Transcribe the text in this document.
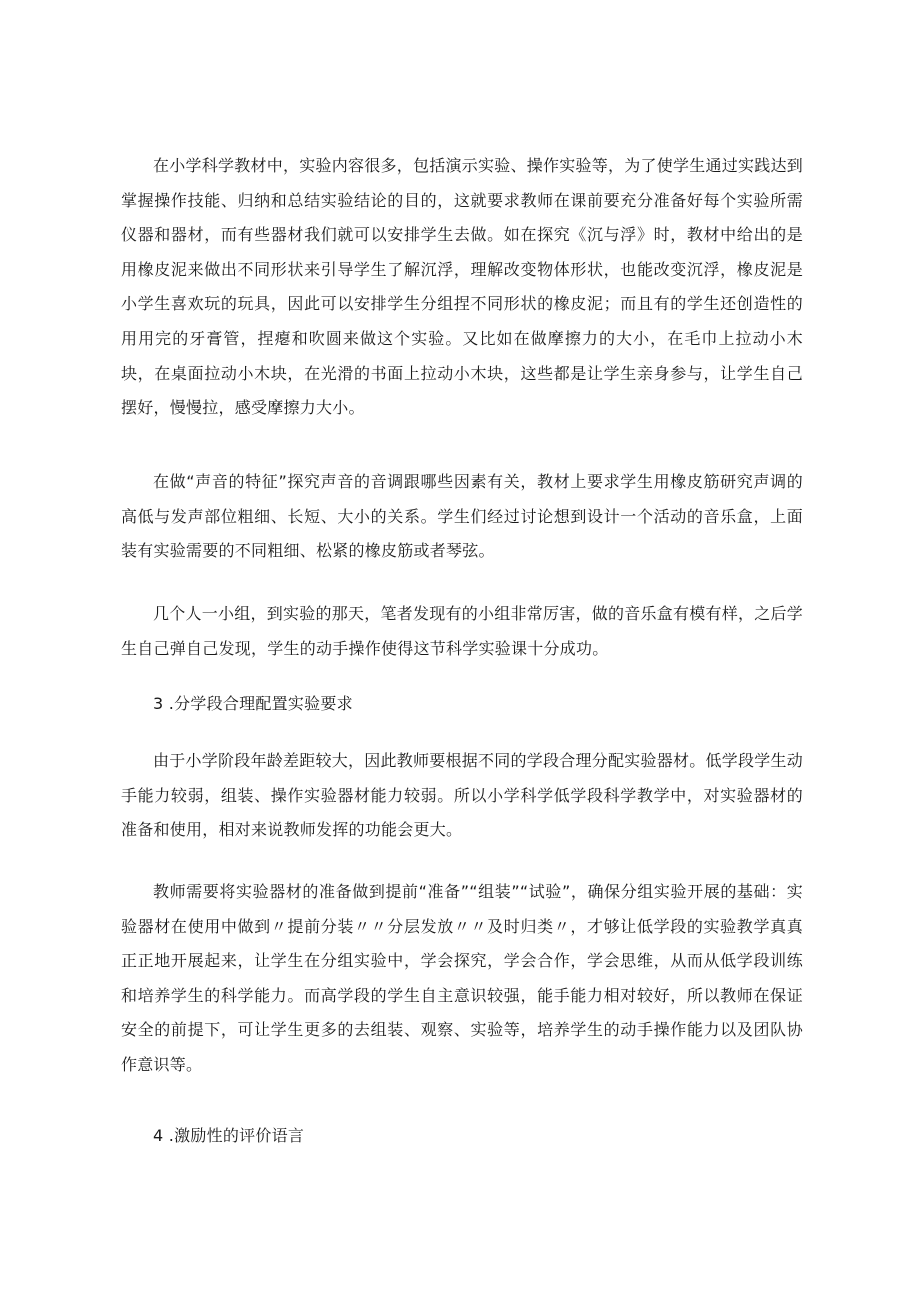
在小学科学教材中，实验内容很多，包括演示实验、操作实验等，为了使学生通过实践达到掌握操作技能、归纳和总结实验结论的目的，这就要求教师在课前要充分准备好每个实验所需仪器和器材，而有些器材我们就可以安排学生去做。如在探究《沉与浮》时，教材中给出的是用橡皮泥来做出不同形状来引导学生了解沉浮，理解改变物体形状，也能改变沉浮，橡皮泥是小学生喜欢玩的玩具，因此可以安排学生分组捏不同形状的橡皮泥；而且有的学生还创造性的用用完的牙膏管，捏瘪和吹圆来做这个实验。又比如在做摩擦力的大小，在毛巾上拉动小木块，在桌面拉动小木块，在光滑的书面上拉动小木块，这些都是让学生亲身参与，让学生自己摆好，慢慢拉，感受摩擦力大小。

在做“声音的特征”探究声音的音调跟哪些因素有关，教材上要求学生用橡皮筋研究声调的高低与发声部位粗细、长短、大小的关系。学生们经过讨论想到设计一个活动的音乐盒，上面装有实验需要的不同粗细、松紧的橡皮筋或者琴弦。

几个人一小组，到实验的那天，笔者发现有的小组非常厉害，做的音乐盒有模有样，之后学生自己弹自己发现，学生的动手操作使得这节科学实验课十分成功。

3 .分学段合理配置实验要求

由于小学阶段年龄差距较大，因此教师要根据不同的学段合理分配实验器材。低学段学生动手能力较弱，组装、操作实验器材能力较弱。所以小学科学低学段科学教学中，对实验器材的准备和使用，相对来说教师发挥的功能会更大。

教师需要将实验器材的准备做到提前“准备”“组装”“试验”，确保分组实验开展的基础：实验器材在使用中做到〃提前分装〃〃分层发放〃〃及时归类〃，才够让低学段的实验教学真真正正地开展起来，让学生在分组实验中，学会探究，学会合作，学会思维，从而从低学段训练和培养学生的科学能力。而高学段的学生自主意识较强，能手能力相对较好，所以教师在保证安全的前提下，可让学生更多的去组装、观察、实验等，培养学生的动手操作能力以及团队协作意识等。

4 .激励性的评价语言
